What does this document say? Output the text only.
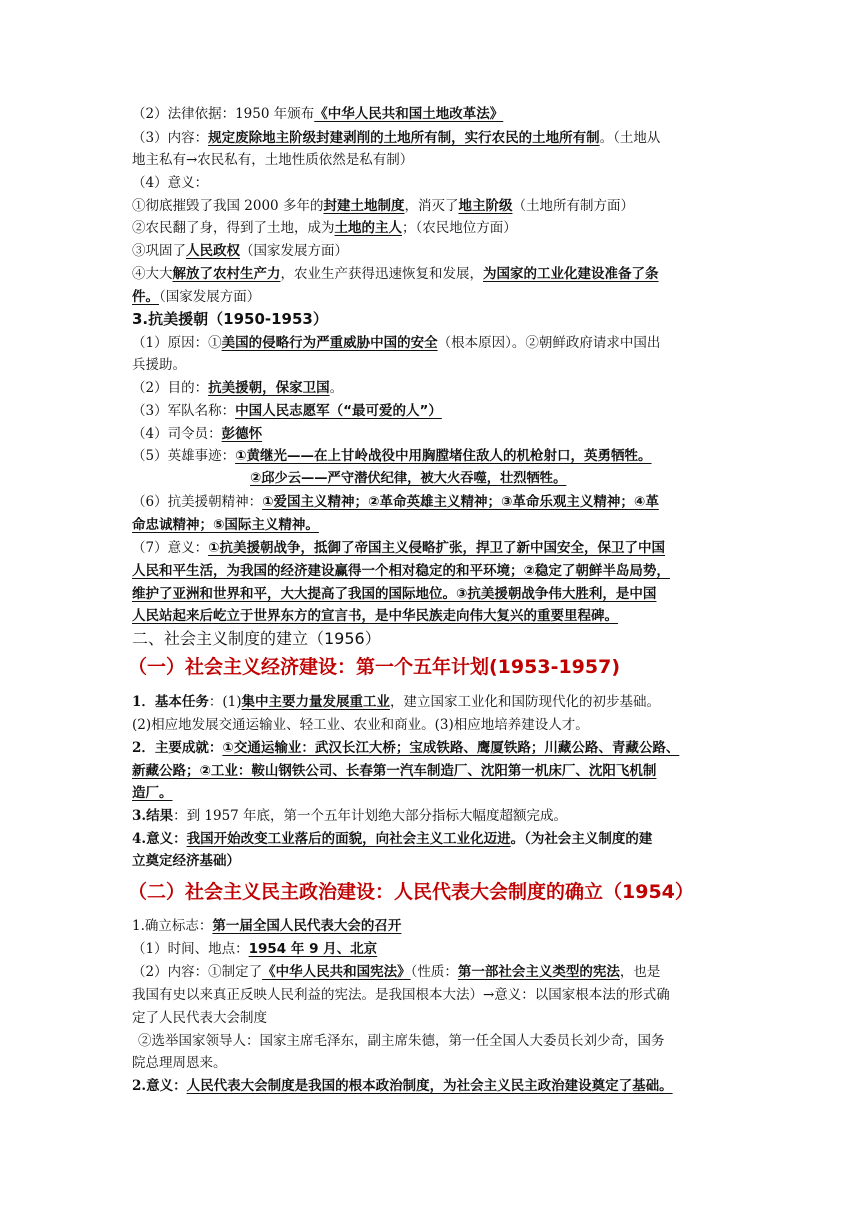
（2）法律依据：1950 年颁布《中华人民共和国土地改革法》
（3）内容：规定废除地主阶级封建剥削的土地所有制，实行农民的土地所有制。（土地从
地主私有→农民私有，土地性质依然是私有制）
（4）意义：
①彻底摧毁了我国 2000 多年的封建土地制度，消灭了地主阶级（土地所有制方面）
②农民翻了身，得到了土地，成为土地的主人；（农民地位方面）
③巩固了人民政权（国家发展方面）
④大大解放了农村生产力，农业生产获得迅速恢复和发展，为国家的工业化建设准备了条
件。（国家发展方面）
3.抗美援朝（1950-1953）
（1）原因：①美国的侵略行为严重威胁中国的安全（根本原因）。②朝鲜政府请求中国出
兵援助。
（2）目的：抗美援朝，保家卫国。
（3）军队名称：中国人民志愿军（“最可爱的人”）
（4）司令员：彭德怀
（5）英雄事迹：①黄继光——在上甘岭战役中用胸膛堵住敌人的机枪射口，英勇牺牲。
②邱少云——严守潜伏纪律，被大火吞噬，壮烈牺牲。
（6）抗美援朝精神：①爱国主义精神；②革命英雄主义精神；③革命乐观主义精神；④革
命忠诚精神；⑤国际主义精神。
（7）意义：①抗美援朝战争，抵御了帝国主义侵略扩张，捍卫了新中国安全，保卫了中国
人民和平生活，为我国的经济建设赢得一个相对稳定的和平环境；②稳定了朝鲜半岛局势，
维护了亚洲和世界和平，大大提高了我国的国际地位。③抗美援朝战争伟大胜利，是中国
人民站起来后屹立于世界东方的宣言书，是中华民族走向伟大复兴的重要里程碑。
二、社会主义制度的建立（1956）
（一）社会主义经济建设：第一个五年计划(1953-1957)
1．基本任务：(1)集中主要力量发展重工业，建立国家工业化和国防现代化的初步基础。
(2)相应地发展交通运输业、轻工业、农业和商业。(3)相应地培养建设人才。
2．主要成就：①交通运输业：武汉长江大桥；宝成铁路、鹰厦铁路；川藏公路、青藏公路、
新藏公路；②工业：鞍山钢铁公司、长春第一汽车制造厂、沈阳第一机床厂、沈阳飞机制
造厂。
3.结果：到 1957 年底，第一个五年计划绝大部分指标大幅度超额完成。
4.意义：我国开始改变工业落后的面貌，向社会主义工业化迈进。（为社会主义制度的建
立奠定经济基础）
（二）社会主义民主政治建设：人民代表大会制度的确立（1954）
1.确立标志：第一届全国人民代表大会的召开
（1）时间、地点：1954 年 9 月、北京
（2）内容：①制定了《中华人民共和国宪法》（性质：第一部社会主义类型的宪法，也是
我国有史以来真正反映人民利益的宪法。是我国根本大法）→意义：以国家根本法的形式确
定了人民代表大会制度
②选举国家领导人：国家主席毛泽东，副主席朱德，第一任全国人大委员长刘少奇，国务
院总理周恩来。
2.意义：人民代表大会制度是我国的根本政治制度，为社会主义民主政治建设奠定了基础。
